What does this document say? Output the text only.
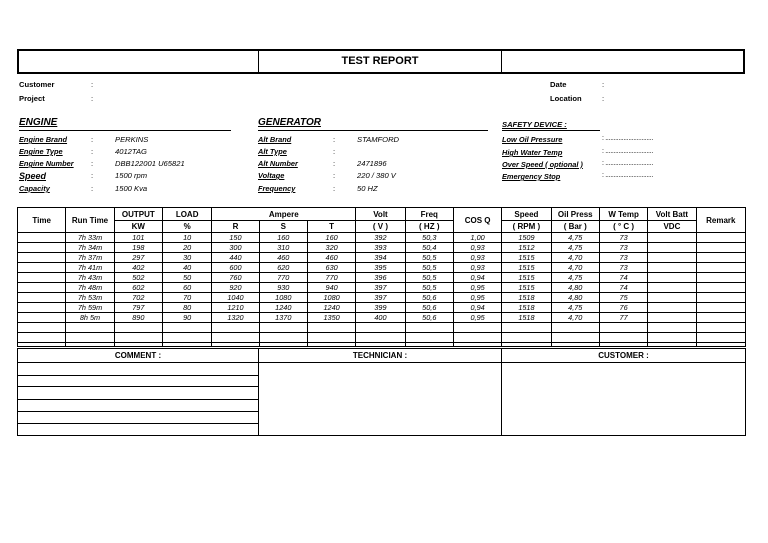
TEST REPORT
Customer	:
Project	:
Date	:
Location	:
ENGINE
Engine Brand	:	PERKINS
Engine Type	:	4012TAG
Engine Number :	DBB122001 U65821
Speed	:	1500 rpm
Capacity	:	1500 Kva
GENERATOR
Alt Brand	:	STAMFORD
Alt Type	:
Alt Number	:	2471896
Voltage	:	220 / 380 V
Frequency	:	50 HZ
SAFETY DEVICE :
Low Oil Pressure	: .............................
High Water Temp	: .............................
Over Speed ( optional )	: .............................
Emergency Stop	: .............................
Time	Run Time	OUTPUT	LOAD	Ampere			Volt	Freq	COS Q	Speed	Oil Press	W Temp	Volt Batt	Remark
		KW	%	R	S	T	( V )	( HZ )		( RPM )	( Bar )	( ° C )	VDC	
	7h 33m	101	10	150	160	160	392	50,3	1,00	1509	4,75	73		
	7h 34m	198	20	300	310	320	393	50,4	0,93	1512	4,75	73		
	7h 37m	297	30	440	460	460	394	50,5	0,93	1515	4,70	73		
	7h 41m	402	40	600	620	630	395	50,5	0,93	1515	4,70	73		
	7h 43m	502	50	760	770	770	396	50,5	0,94	1515	4,75	74		
	7h 48m	602	60	920	930	940	397	50,5	0,95	1515	4,80	74		
	7h 53m	702	70	1040	1080	1080	397	50,6	0,95	1518	4,80	75		
	7h 59m	797	80	1210	1240	1240	399	50,6	0,94	1518	4,75	76		
	8h 5m	890	90	1320	1370	1350	400	50,6	0,95	1518	4,70	77		

COMMENT :	TECHNICIAN :	CUSTOMER :
